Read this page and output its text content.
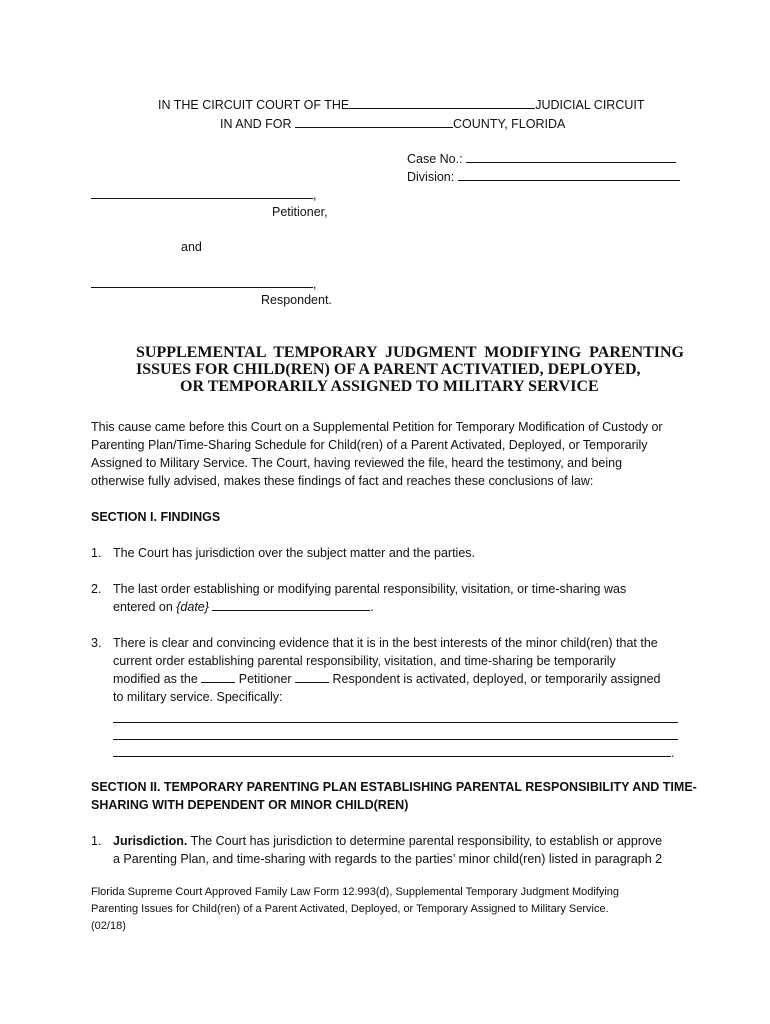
IN THE CIRCUIT COURT OF THE	JUDICIAL CIRCUIT
IN AND FOR	COUNTY, FLORIDA
Case No.:
Division:
,
Petitioner,
and
,
Respondent.
SUPPLEMENTAL TEMPORARY JUDGMENT MODIFYING PARENTING
ISSUES FOR CHILD(REN) OF A PARENT ACTIVATIED, DEPLOYED,
OR TEMPORARILY ASSIGNED TO MILITARY SERVICE
This cause came before this Court on a Supplemental Petition for Temporary Modification of Custody or
Parenting Plan/Time-Sharing Schedule for Child(ren) of a Parent Activated, Deployed, or Temporarily
Assigned to Military Service. The Court, having reviewed the file, heard the testimony, and being
otherwise fully advised, makes these findings of fact and reaches these conclusions of law:
SECTION I. FINDINGS
1. The Court has jurisdiction over the subject matter and the parties.
2. The last order establishing or modifying parental responsibility, visitation, or time-sharing was
entered on {date}	.
3. There is clear and convincing evidence that it is in the best interests of the minor child(ren) that the
current order establishing parental responsibility, visitation, and time-sharing be temporarily
modified as the	Petitioner	Respondent is activated, deployed, or temporarily assigned
to military service. Specifically:
.
SECTION II. TEMPORARY PARENTING PLAN ESTABLISHING PARENTAL RESPONSIBILITY AND TIME-
SHARING WITH DEPENDENT OR MINOR CHILD(REN)
1. Jurisdiction. The Court has jurisdiction to determine parental responsibility, to establish or approve
a Parenting Plan, and time-sharing with regards to the parties’ minor child(ren) listed in paragraph 2
Florida Supreme Court Approved Family Law Form 12.993(d), Supplemental Temporary Judgment Modifying
Parenting Issues for Child(ren) of a Parent Activated, Deployed, or Temporary Assigned to Military Service.
(02/18)
